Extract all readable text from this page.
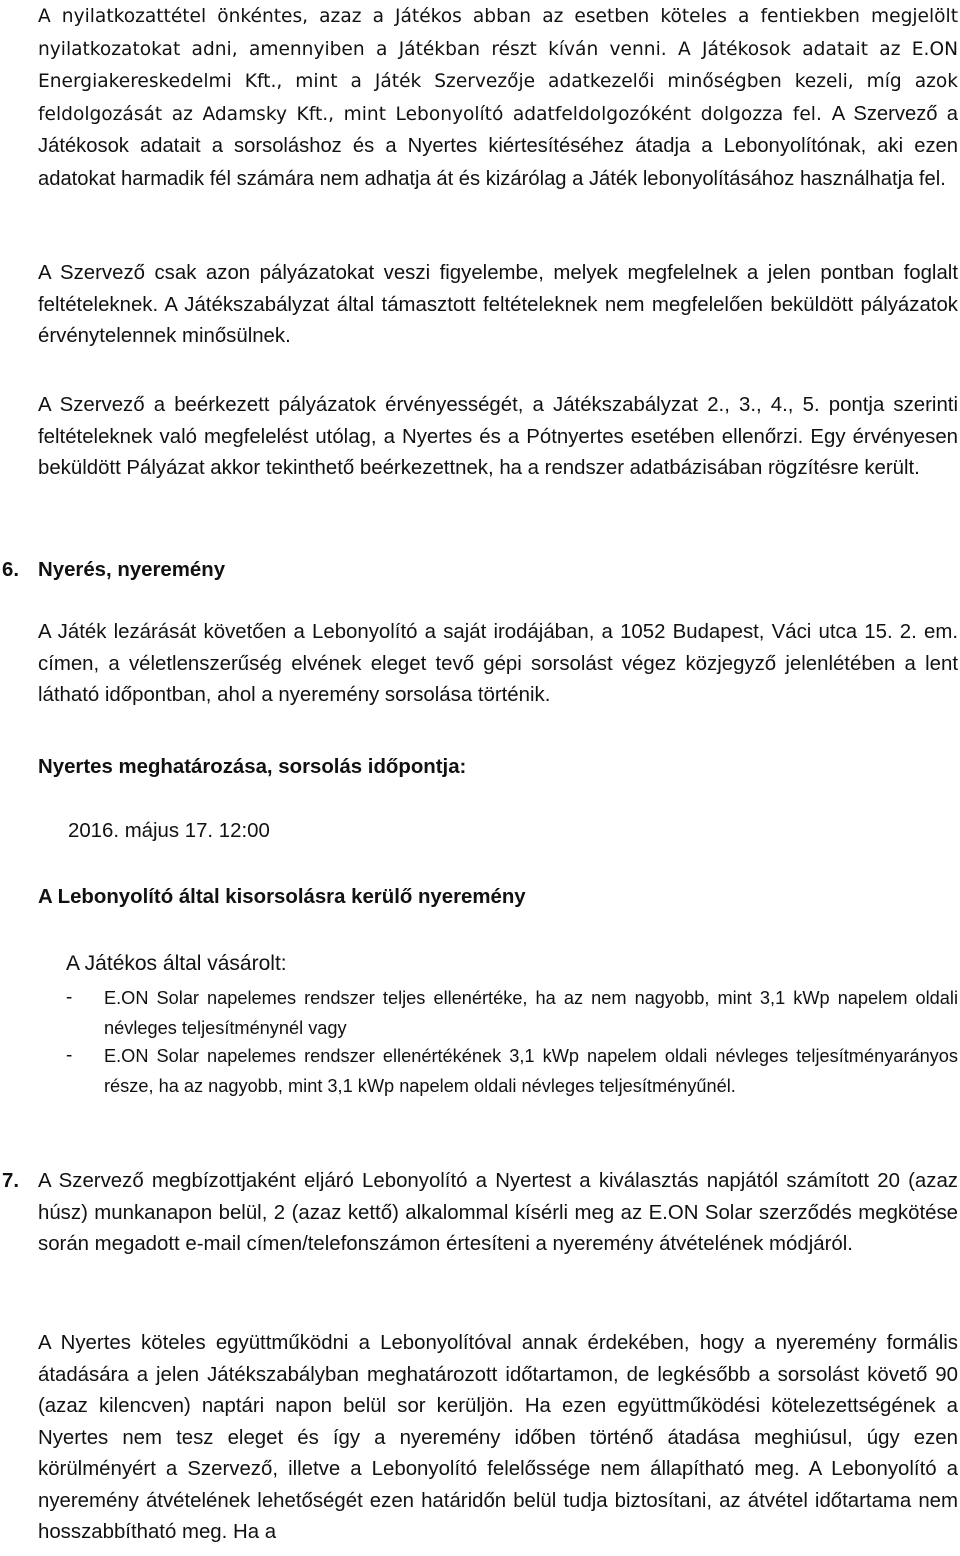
A nyilatkozattétel önkéntes, azaz a Játékos abban az esetben köteles a fentiekben megjelölt nyilatkozatokat adni, amennyiben a Játékban részt kíván venni. A Játékosok adatait az E.ON Energiakereskedelmi Kft., mint a Játék Szervezője adatkezelői minőségben kezeli, míg azok feldolgozását az Adamsky Kft., mint Lebonyolító adatfeldolgozóként dolgozza fel. A Szervező a Játékosok adatait a sorsoláshoz és a Nyertes kiértesítéséhez átadja a Lebonyolítónak, aki ezen adatokat harmadik fél számára nem adhatja át és kizárólag a Játék lebonyolításához használhatja fel.

A Szervező csak azon pályázatokat veszi figyelembe, melyek megfelelnek a jelen pontban foglalt feltételeknek. A Játékszabályzat által támasztott feltételeknek nem megfelelően beküldött pályázatok érvénytelennek minősülnek.

A Szervező a beérkezett pályázatok érvényességét, a Játékszabályzat 2., 3., 4., 5. pontja szerinti feltételeknek való megfelelést utólag, a Nyertes és a Pótnyertes esetében ellenőrzi. Egy érvényesen beküldött Pályázat akkor tekinthető beérkezettnek, ha a rendszer adatbázisában rögzítésre került.

6. Nyerés, nyeremény

A Játék lezárását követően a Lebonyolító a saját irodájában, a 1052 Budapest, Váci utca 15. 2. em. címen, a véletlenszerűség elvének eleget tevő gépi sorsolást végez közjegyző jelenlétében a lent látható időpontban, ahol a nyeremény sorsolása történik.

Nyertes meghatározása, sorsolás időpontja:

2016. május 17. 12:00

A Lebonyolító által kisorsolásra kerülő nyeremény

A Játékos által vásárolt:

- E.ON Solar napelemes rendszer teljes ellenértéke, ha az nem nagyobb, mint 3,1 kWp napelem oldali névleges teljesítménynél vagy

- E.ON Solar napelemes rendszer ellenértékének 3,1 kWp napelem oldali névleges teljesítményarányos része, ha az nagyobb, mint 3,1 kWp napelem oldali névleges teljesítményűnél.

7. A Szervező megbízottjaként eljáró Lebonyolító a Nyertest a kiválasztás napjától számított 20 (azaz húsz) munkanapon belül, 2 (azaz kettő) alkalommal kísérli meg az E.ON Solar szerződés megkötése során megadott e-mail címen/telefonszámon értesíteni a nyeremény átvételének módjáról.

A Nyertes köteles együttműködni a Lebonyolítóval annak érdekében, hogy a nyeremény formális átadására a jelen Játékszabályban meghatározott időtartamon, de legkésőbb a sorsolást követő 90 (azaz kilencven) naptári napon belül sor kerüljön. Ha ezen együttműködési kötelezettségének a Nyertes nem tesz eleget és így a nyeremény időben történő átadása meghiúsul, úgy ezen körülményért a Szervező, illetve a Lebonyolító felelőssége nem állapítható meg. A Lebonyolító a nyeremény átvételének lehetőségét ezen határidőn belül tudja biztosítani, az átvétel időtartama nem hosszabbítható meg. Ha a
